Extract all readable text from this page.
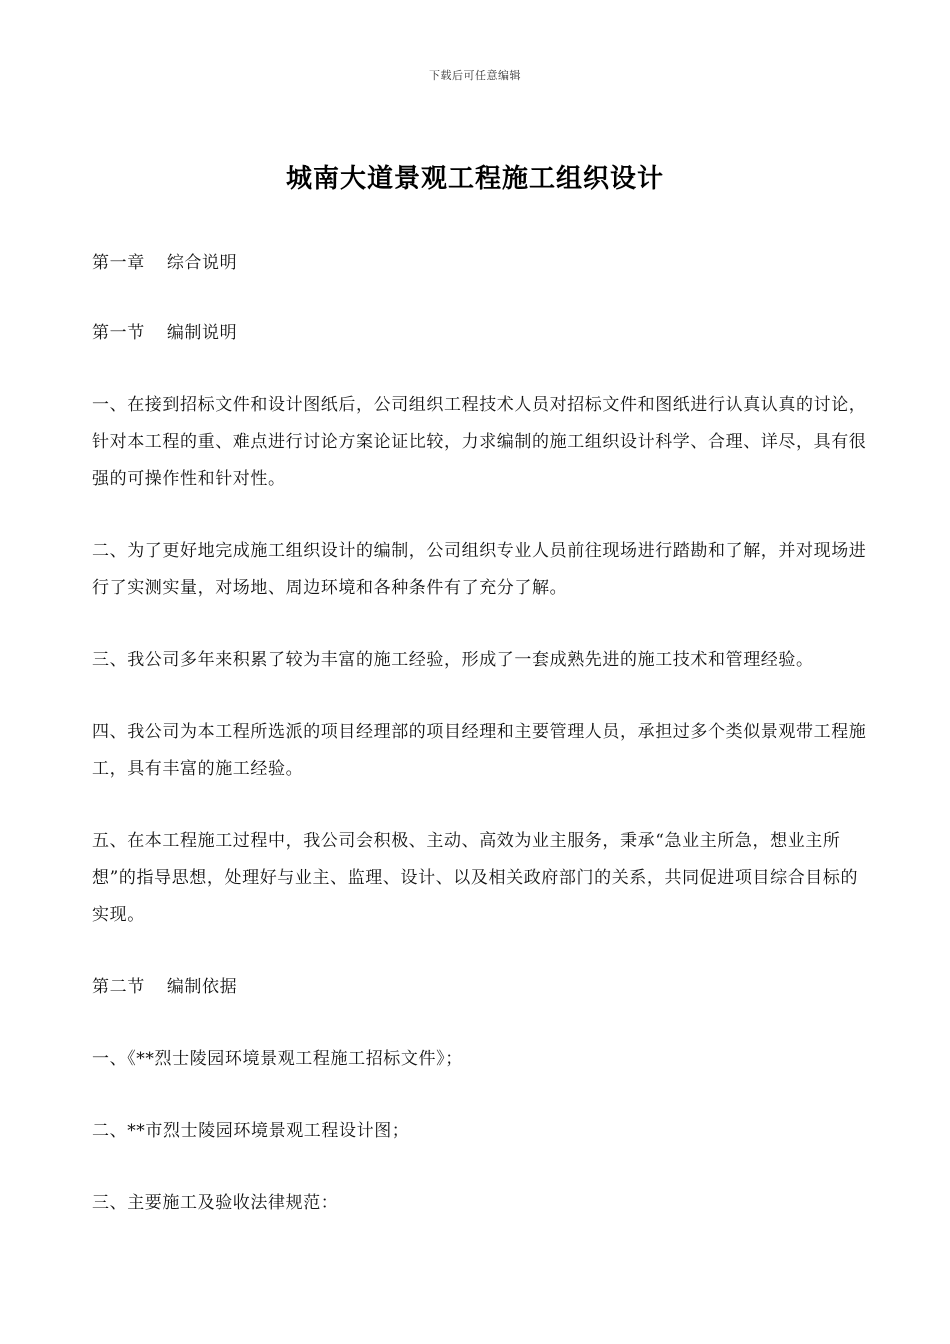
下载后可任意编辑
城南大道景观工程施工组织设计
第一章 综合说明
第一节 编制说明

一、在接到招标文件和设计图纸后，公司组织工程技术人员对招标文件和图纸进行认真认真的讨论，针对本工程的重、难点进行讨论方案论证比较，力求编制的施工组织设计科学、合理、详尽，具有很强的可操作性和针对性。

二、为了更好地完成施工组织设计的编制，公司组织专业人员前往现场进行踏勘和了解，并对现场进行了实测实量，对场地、周边环境和各种条件有了充分了解。

三、我公司多年来积累了较为丰富的施工经验，形成了一套成熟先进的施工技术和管理经验。

四、我公司为本工程所选派的项目经理部的项目经理和主要管理人员，承担过多个类似景观带工程施工，具有丰富的施工经验。

五、在本工程施工过程中，我公司会积极、主动、高效为业主服务，秉承“急业主所急，想业主所想”的指导思想，处理好与业主、监理、设计、以及相关政府部门的关系，共同促进项目综合目标的实现。

第二节 编制依据

一、《**烈士陵园环境景观工程施工招标文件》；

二、**市烈士陵园环境景观工程设计图；

三、主要施工及验收法律规范：
